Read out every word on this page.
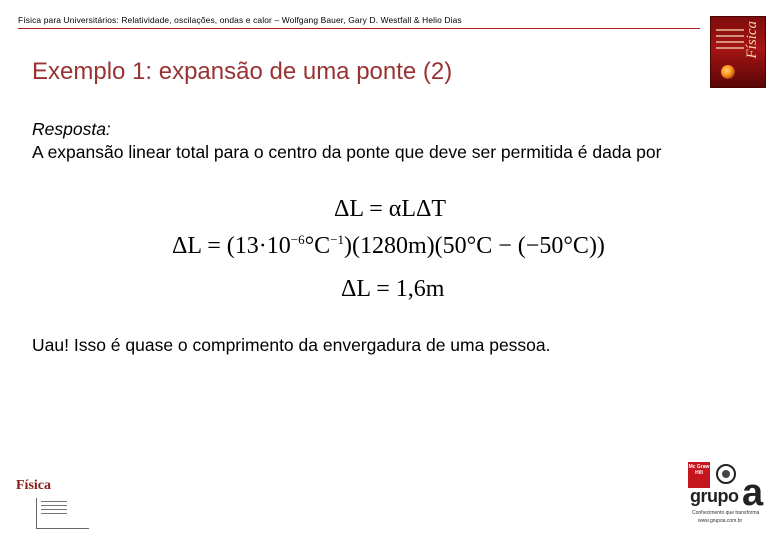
Física para Universitários: Relatividade, oscilações, ondas e calor – Wolfgang Bauer, Gary D. Westfall & Helio Dias
Física
Exemplo 1: expansão de uma ponte (2)
Resposta:
A expansão linear total para o centro da ponte que deve ser permitida é dada por
ΔL = αLΔT
$\Delta L = (13\cdot 10^{-6}^\circ C^{-1})(1280m)(50^\circ C - (-50^\circ C))$
ΔL = 1,6m
Uau! Isso é quase o comprimento da envergadura de uma pessoa.
Física
Mc Graw Hill
grupo a
Conhecimento que transforma
www.grupoa.com.br
